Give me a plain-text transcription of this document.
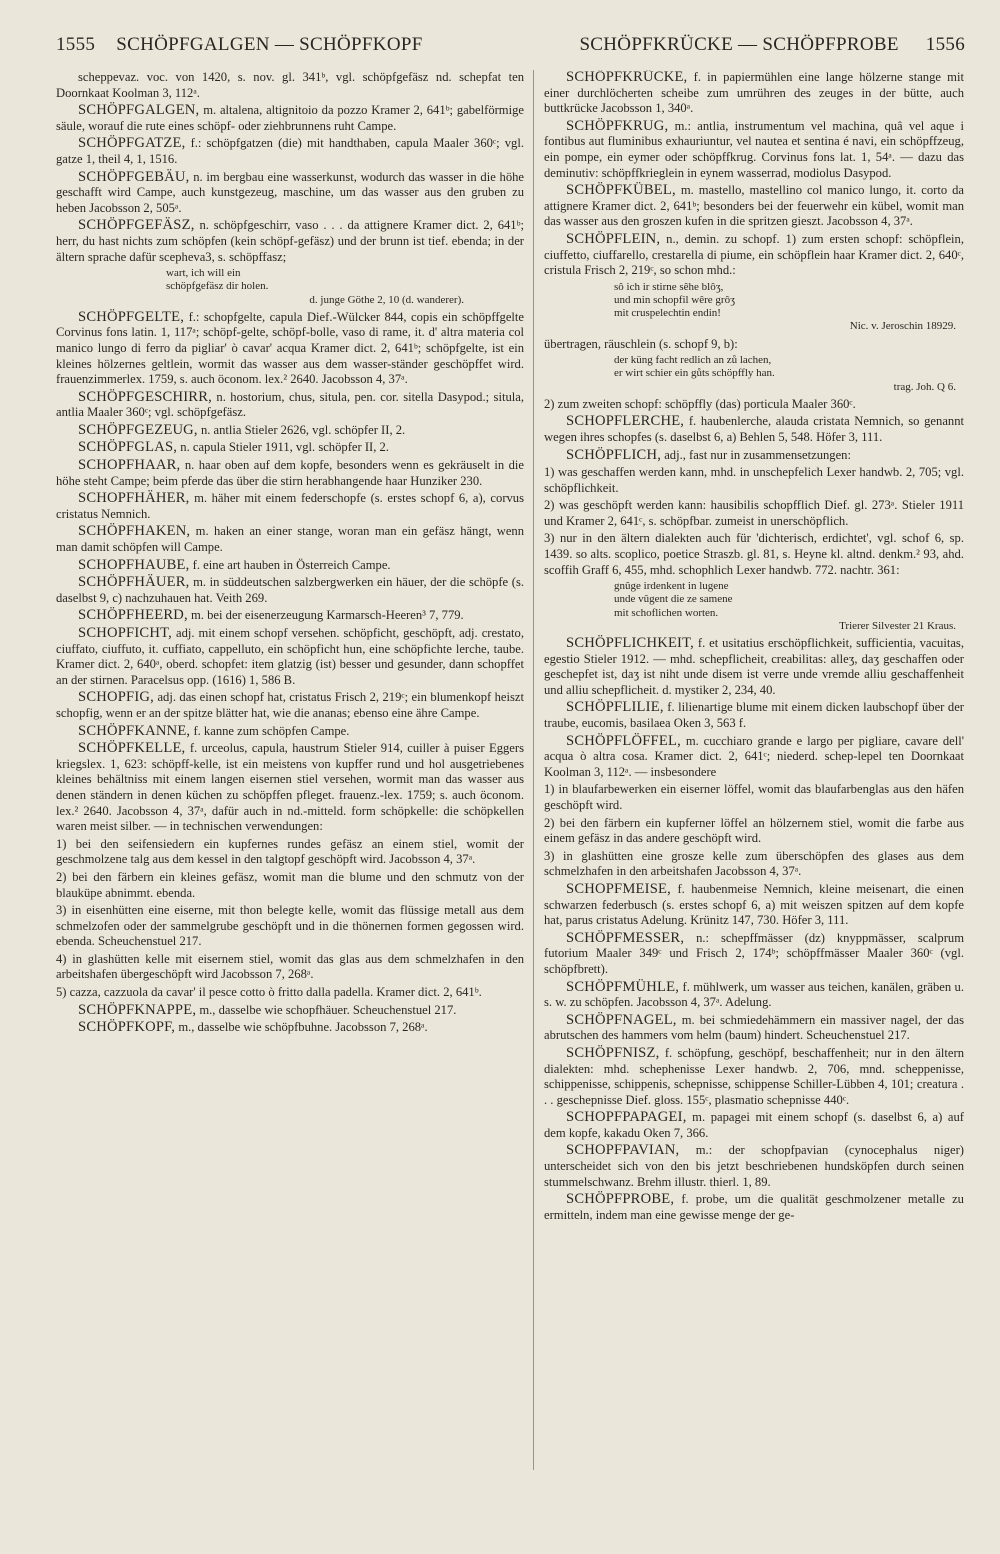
1555 SCHÖPFGALGEN — SCHÖPFKOPF	SCHÖPFKRÜCKE — SCHÖPFPROBE 1556

scheppevaz. voc. von 1420, s. nov. gl. 341ᵇ, vgl. schöpfgefäsz nd. schepfat ten Doornkaat Koolman 3, 112ᵃ.

SCHÖPFGALGEN, m. altalena, altignitoio da pozzo Kramer 2, 641ᵇ; gabelförmige säule, worauf die rute eines schöpf- oder ziehbrunnens ruht Campe.

SCHÖPFGATZE, f.: schöpfgatzen (die) mit handthaben, capula Maaler 360ᶜ; vgl. gatze 1, theil 4, 1, 1516.

SCHÖPFGEBÄU, n. im bergbau eine wasserkunst, wodurch das wasser in die höhe geschafft wird Campe, auch kunstgezeug, maschine, um das wasser aus den gruben zu heben Jacobsson 2, 505ᵃ.

SCHÖPFGEFÄSZ, n. schöpfgeschirr, vaso . . . da attignere Kramer dict. 2, 641ᵇ; herr, du hast nichts zum schöpfen (kein schöpf-gefäsz) und der brunn ist tief. ebenda; in der ältern sprache dafür scepheva3, s. schöpffasz;

wart, ich will ein
schöpfgefäsz dir holen.
d. junge Göthe 2, 10 (d. wanderer).

SCHÖPFGELTE, f.: schopfgelte, capula Dief.-Wülcker 844, copis ein schöpffgelte Corvinus fons latin. 1, 117ᵃ; schöpf-gelte, schöpf-bolle, vaso di rame, it. d' altra materia col manico lungo di ferro da pigliar' ò cavar' acqua Kramer dict. 2, 641ᵇ; schöpfgelte, ist ein kleines hölzernes geltlein, wormit das wasser aus dem wasser-ständer geschöpffet wird. frauenzimmerlex. 1759, s. auch öconom. lex.² 2640. Jacobsson 4, 37ᵃ.

SCHÖPFGESCHIRR, n. hostorium, chus, situla, pen. cor. sitella Dasypod.; situla, antlia Maaler 360ᶜ; vgl. schöpfgefäsz.

SCHÖPFGEZEUG, n. antlia Stieler 2626, vgl. schöpfer II, 2.

SCHÖPFGLAS, n. capula Stieler 1911, vgl. schöpfer II, 2.

SCHOPFHAAR, n. haar oben auf dem kopfe, besonders wenn es gekräuselt in die höhe steht Campe; beim pferde das über die stirn herabhangende haar Hunziker 230.

SCHOPFHÄHER, m. häher mit einem federschopfe (s. erstes schopf 6, a), corvus cristatus Nemnich.

SCHÖPFHAKEN, m. haken an einer stange, woran man ein gefäsz hängt, wenn man damit schöpfen will Campe.

SCHOPFHAUBE, f. eine art hauben in Österreich Campe.

SCHÖPFHÄUER, m. in süddeutschen salzbergwerken ein häuer, der die schöpfe (s. daselbst 9, c) nachzuhauen hat. Veith 269.

SCHÖPFHEERD, m. bei der eisenerzeugung Karmarsch-Heeren³ 7, 779.

SCHOPFICHT, adj. mit einem schopf versehen. schöpficht, geschöpft, adj. crestato, ciuffato, ciuffuto, it. cuffiato, cappelluto, ein schöpficht hun, eine schöpfichte lerche, taube. Kramer dict. 2, 640ᵃ, oberd. schopfet: item glatzig (ist) besser und gesunder, dann schopffet an der stirnen. Paracelsus opp. (1616) 1, 586 B.

SCHOPFIG, adj. das einen schopf hat, cristatus Frisch 2, 219ᶜ; ein blumenkopf heiszt schopfig, wenn er an der spitze blätter hat, wie die ananas; ebenso eine ähre Campe.

SCHÖPFKANNE, f. kanne zum schöpfen Campe.

SCHÖPFKELLE, f. urceolus, capula, haustrum Stieler 914, cuiller à puiser Eggers kriegslex. 1, 623: schöpff-kelle, ist ein meistens von kupffer rund und hol ausgetriebenes kleines behältniss mit einem langen eisernen stiel versehen, wormit man das wasser aus denen ständern in denen küchen zu schöpffen pfleget. frauenz.-lex. 1759; s. auch öconom. lex.² 2640. Jacobsson 4, 37ᵃ, dafür auch in nd.-mitteld. form schöpkelle: die schöpkellen waren meist silber. — in technischen verwendungen:

1) bei den seifensiedern ein kupfernes rundes gefäsz an einem stiel, womit der geschmolzene talg aus dem kessel in den talgtopf geschöpft wird. Jacobsson 4, 37ᵃ.

2) bei den färbern ein kleines gefäsz, womit man die blume und den schmutz von der blauküpe abnimmt. ebenda.

3) in eisenhütten eine eiserne, mit thon belegte kelle, womit das flüssige metall aus dem schmelzofen oder der sammelgrube geschöpft und in die thönernen formen gegossen wird. ebenda. Scheuchenstuel 217.

4) in glashütten kelle mit eisernem stiel, womit das glas aus dem schmelzhafen in den arbeitshafen übergeschöpft wird Jacobsson 7, 268ᵃ.

5) cazza, cazzuola da cavar' il pesce cotto ò fritto dalla padella. Kramer dict. 2, 641ᵇ.

SCHÖPFKNAPPE, m., dasselbe wie schopfhäuer. Scheuchenstuel 217.

SCHÖPFKOPF, m., dasselbe wie schöpfbuhne. Jacobsson 7, 268ᵃ.

SCHÖPFKRÜCKE, f. in papiermühlen eine lange hölzerne stange mit einer durchlöcherten scheibe zum umrühren des zeuges in der bütte, auch buttkrücke Jacobsson 1, 340ᵃ.

SCHÖPFKRUG, m.: antlia, instrumentum vel machina, quâ vel aque i fontibus aut fluminibus exhauriuntur, vel nautea et sentina é navi, ein schöpffzeug, ein pompe, ein eymer oder schöpffkrug. Corvinus fons lat. 1, 54ᵃ. — dazu das deminutiv: schöpffkrieglein in eynem wasserrad, modiolus Dasypod.

SCHÖPFKÜBEL, m. mastello, mastellino col manico lungo, it. corto da attignere Kramer dict. 2, 641ᵇ; besonders bei der feuerwehr ein kübel, womit man das wasser aus den groszen kufen in die spritzen gieszt. Jacobsson 4, 37ᵃ.

SCHÖPFLEIN, n., demin. zu schopf. 1) zum ersten schopf: schöpflein, ciuffetto, ciuffarello, crestarella di piume, ein schöpflein haar Kramer dict. 2, 640ᶜ, cristula Frisch 2, 219ᶜ, so schon mhd.:

sô ich ir stirne sêhe blôʒ,
und min schopfil wêre grôʒ
mit cruspelechtin endin!
Nic. v. Jeroschin 18929.

übertragen, räuschlein (s. schopf 9, b):

der küng facht redlich an zů lachen,
er wirt schier ein gůts schöpffly han.
trag. Joh. Q 6.

2) zum zweiten schopf: schöpffly (das) porticula Maaler 360ᶜ.

SCHOPFLERCHE, f. haubenlerche, alauda cristata Nemnich, so genannt wegen ihres schopfes (s. daselbst 6, a) Behlen 5, 548. Höfer 3, 111.

SCHÖPFLICH, adj., fast nur in zusammensetzungen:

1) was geschaffen werden kann, mhd. in unschepfelich Lexer handwb. 2, 705; vgl. schöpflichkeit.

2) was geschöpft werden kann: hausibilis schopfflich Dief. gl. 273ᵃ. Stieler 1911 und Kramer 2, 641ᶜ, s. schöpfbar. zumeist in unerschöpflich.

3) nur in den ältern dialekten auch für 'dichterisch, erdichtet', vgl. schof 6, sp. 1439. so alts. scoplico, poetice Straszb. gl. 81, s. Heyne kl. altnd. denkm.² 93, ahd. scoffih Graff 6, 455, mhd. schophlich Lexer handwb. 772. nachtr. 361:

gnûge irdenkent in lugene
unde vûgent die ze samene
mit schoflichen worten.
Trierer Silvester 21 Kraus.

SCHÖPFLICHKEIT, f. et usitatius erschöpflichkeit, sufficientia, vacuitas, egestio Stieler 1912. — mhd. schepflicheit, creabilitas: alleʒ, daʒ geschaffen oder geschepfet ist, daʒ ist niht unde disem ist verre unde vremde alliu geschaffenheit und alliu schepflicheit. d. mystiker 2, 234, 40.

SCHÖPFLILIE, f. lilienartige blume mit einem dicken laubschopf über der traube, eucomis, basilaea Oken 3, 563 f.

SCHÖPFLÖFFEL, m. cucchiaro grande e largo per pigliare, cavare dell' acqua ò altra cosa. Kramer dict. 2, 641ᶜ; niederd. schep-lepel ten Doornkaat Koolman 3, 112ᵃ. — insbesondere

1) in blaufarbewerken ein eiserner löffel, womit das blaufarbenglas aus den häfen geschöpft wird.

2) bei den färbern ein kupferner löffel an hölzernem stiel, womit die farbe aus einem gefäsz in das andere geschöpft wird.

3) in glashütten eine grosze kelle zum überschöpfen des glases aus dem schmelzhafen in den arbeitshafen Jacobsson 4, 37ᵃ.

SCHOPFMEISE, f. haubenmeise Nemnich, kleine meisenart, die einen schwarzen federbusch (s. erstes schopf 6, a) mit weiszen spitzen auf dem kopfe hat, parus cristatus Adelung. Krünitz 147, 730. Höfer 3, 111.

SCHÖPFMESSER, n.: schepffmässer (dz) knyppmässer, scalprum futorium Maaler 349ᶜ und Frisch 2, 174ᵇ; schöpffmässer Maaler 360ᶜ (vgl. schöpfbrett).

SCHÖPFMÜHLE, f. mühlwerk, um wasser aus teichen, kanälen, gräben u. s. w. zu schöpfen. Jacobsson 4, 37ᵃ. Adelung.

SCHÖPFNAGEL, m. bei schmiedehämmern ein massiver nagel, der das abrutschen des hammers vom helm (baum) hindert. Scheuchenstuel 217.

SCHÖPFNISZ, f. schöpfung, geschöpf, beschaffenheit; nur in den ältern dialekten: mhd. schephenisse Lexer handwb. 2, 706, mnd. scheppenisse, schippenisse, schippenis, schepnisse, schippense Schiller-Lübben 4, 101; creatura . . . geschepnisse Dief. gloss. 155ᶜ, plasmatio schepnisse 440ᶜ.

SCHOPFPAPAGEI, m. papagei mit einem schopf (s. daselbst 6, a) auf dem kopfe, kakadu Oken 7, 366.

SCHOPFPAVIAN, m.: der schopfpavian (cynocephalus niger) unterscheidet sich von den bis jetzt beschriebenen hundsköpfen durch seinen stummelschwanz. Brehm illustr. thierl. 1, 89.

SCHÖPFPROBE, f. probe, um die qualität geschmolzener metalle zu ermitteln, indem man eine gewisse menge der ge-
